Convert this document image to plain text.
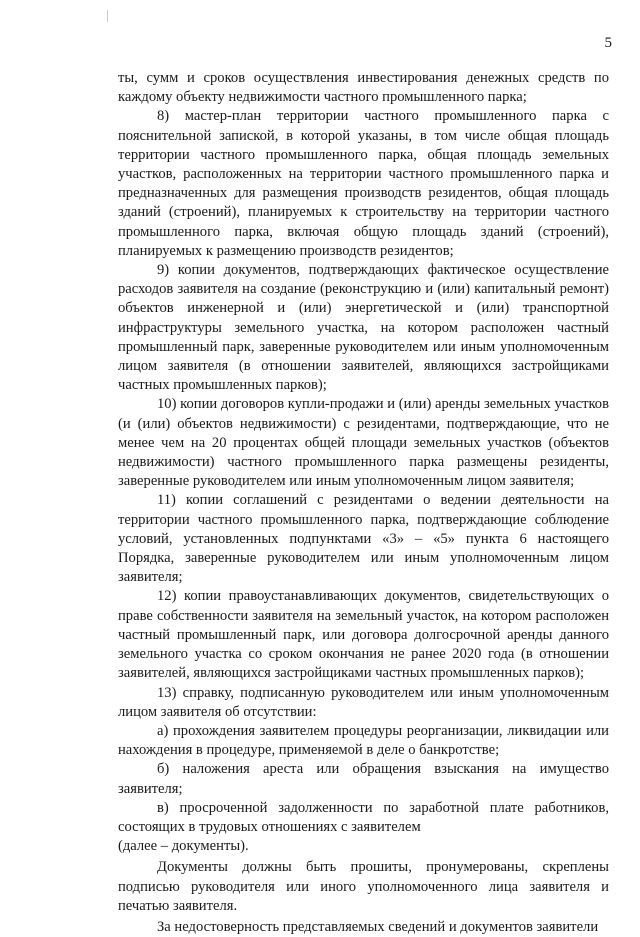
5

ты, сумм и сроков осуществления инвестирования денежных средств по каждому объекту недвижимости частного промышленного парка;

8) мастер-план территории частного промышленного парка с пояснительной запиской, в которой указаны, в том числе общая площадь территории частного промышленного парка, общая площадь земельных участков, расположенных на территории частного промышленного парка и предназначенных для размещения производств резидентов, общая площадь зданий (строений), планируемых к строительству на территории частного промышленного парка, включая общую площадь зданий (строений), планируемых к размещению производств резидентов;

9) копии документов, подтверждающих фактическое осуществление расходов заявителя на создание (реконструкцию и (или) капитальный ремонт) объектов инженерной и (или) энергетической и (или) транспортной инфраструктуры земельного участка, на котором расположен частный промышленный парк, заверенные руководителем или иным уполномоченным лицом заявителя (в отношении заявителей, являющихся застройщиками частных промышленных парков);

10) копии договоров купли-продажи и (или) аренды земельных участков (и (или) объектов недвижимости) с резидентами, подтверждающие, что не менее чем на 20 процентах общей площади земельных участков (объектов недвижимости) частного промышленного парка размещены резиденты, заверенные руководителем или иным уполномоченным лицом заявителя;

11) копии соглашений с резидентами о ведении деятельности на территории частного промышленного парка, подтверждающие соблюдение условий, установленных подпунктами «3» – «5» пункта 6 настоящего Порядка, заверенные руководителем или иным уполномоченным лицом заявителя;

12) копии правоустанавливающих документов, свидетельствующих о праве собственности заявителя на земельный участок, на котором расположен частный промышленный парк, или договора долгосрочной аренды данного земельного участка со сроком окончания не ранее 2020 года (в отношении заявителей, являющихся застройщиками частных промышленных парков);

13) справку, подписанную руководителем или иным уполномоченным лицом заявителя об отсутствии:

а) прохождения заявителем процедуры реорганизации, ликвидации или нахождения в процедуре, применяемой в деле о банкротстве;

б) наложения ареста или обращения взыскания на имущество заявителя;

в) просроченной задолженности по заработной плате работников, состоящих в трудовых отношениях с заявителем

(далее – документы).

Документы должны быть прошиты, пронумерованы, скреплены подписью руководителя или иного уполномоченного лица заявителя и печатью заявителя.

За недостоверность представляемых сведений и документов заявители
